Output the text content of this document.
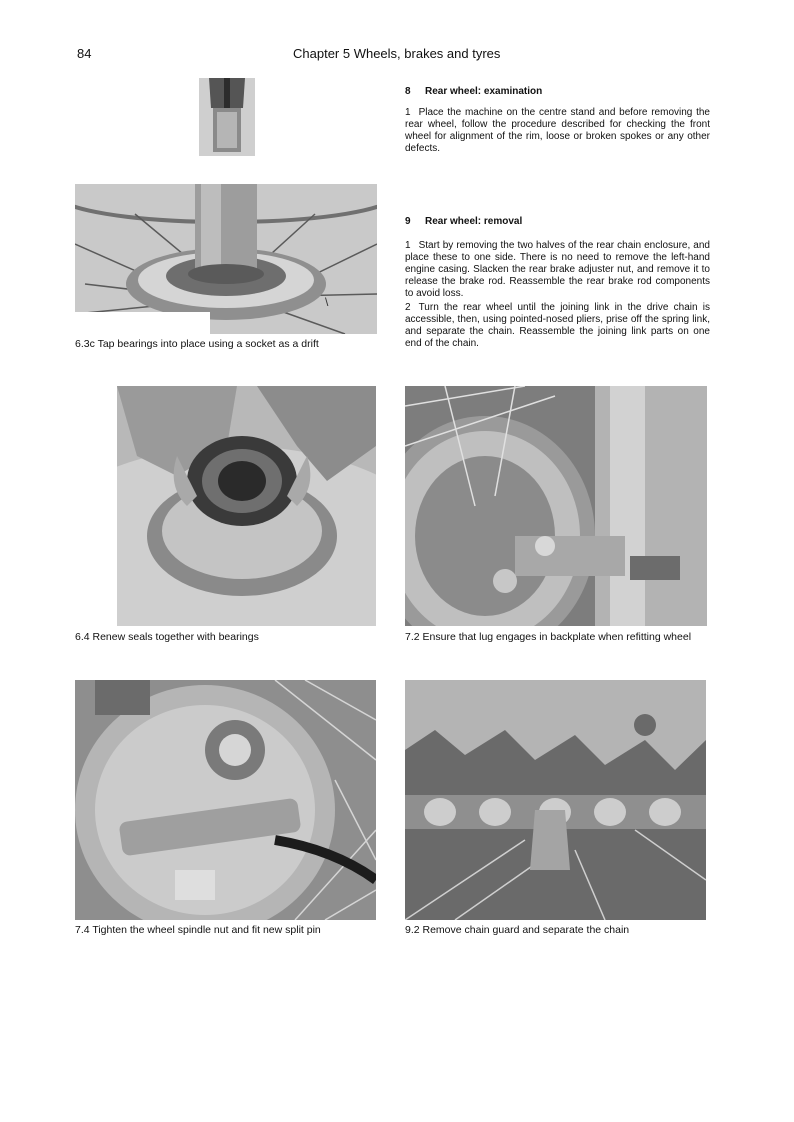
84	Chapter 5 Wheels, brakes and tyres
\
6.3c Tap bearings into place using a socket as a drift
8 Rear wheel: examination
1 Place the machine on the centre stand and before removing the rear wheel, follow the procedure described for checking the front wheel for alignment of the rim, loose or broken spokes or any other defects.
9 Rear wheel: removal
1 Start by removing the two halves of the rear chain enclosure, and place these to one side. There is no need to remove the left-hand engine casing. Slacken the rear brake adjuster nut, and remove it to release the brake rod. Reassemble the rear brake rod components to avoid loss.
2 Turn the rear wheel until the joining link in the drive chain is accessible, then, using pointed-nosed pliers, prise off the spring link, and separate the chain. Reassemble the joining link parts on one end of the chain.
6.4 Renew seals together with bearings	7.2 Ensure that lug engages in backplate when refitting wheel
7.4 Tighten the wheel spindle nut and fit new split pin	9.2 Remove chain guard and separate the chain
